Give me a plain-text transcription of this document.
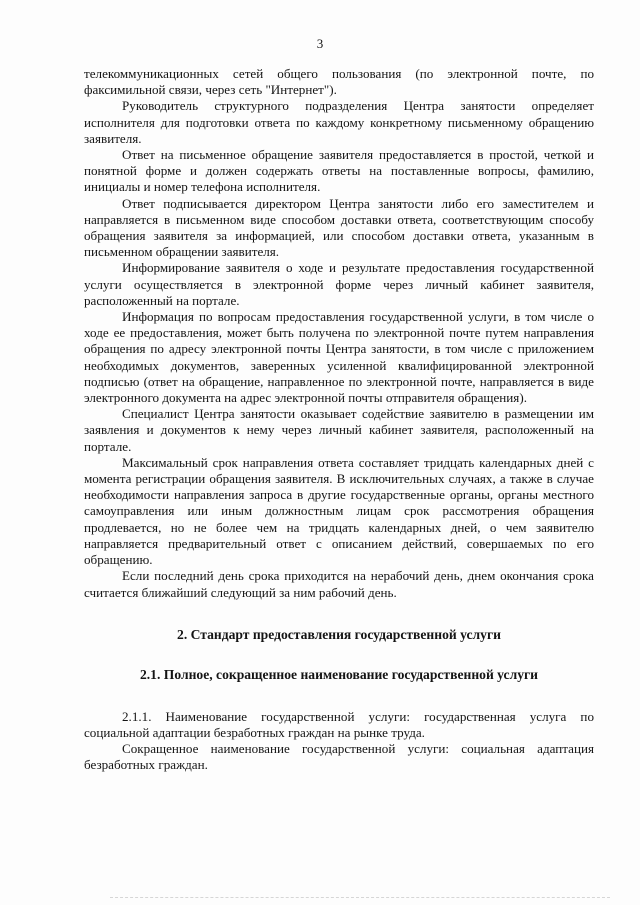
3

телекоммуникационных сетей общего пользования (по электронной почте, по факсимильной связи, через сеть "Интернет").

Руководитель структурного подразделения Центра занятости определяет исполнителя для подготовки ответа по каждому конкретному письменному обращению заявителя.

Ответ на письменное обращение заявителя предоставляется в простой, четкой и понятной форме и должен содержать ответы на поставленные вопросы, фамилию, инициалы и номер телефона исполнителя.

Ответ подписывается директором Центра занятости либо его заместителем и направляется в письменном виде способом доставки ответа, соответствующим способу обращения заявителя за информацией, или способом доставки ответа, указанным в письменном обращении заявителя.

Информирование заявителя о ходе и результате предоставления государственной услуги осуществляется в электронной форме через личный кабинет заявителя, расположенный на портале.

Информация по вопросам предоставления государственной услуги, в том числе о ходе ее предоставления, может быть получена по электронной почте путем направления обращения по адресу электронной почты Центра занятости, в том числе с приложением необходимых документов, заверенных усиленной квалифицированной электронной подписью (ответ на обращение, направленное по электронной почте, направляется в виде электронного документа на адрес электронной почты отправителя обращения).

Специалист Центра занятости оказывает содействие заявителю в размещении им заявления и документов к нему через личный кабинет заявителя, расположенный на портале.

Максимальный срок направления ответа составляет тридцать календарных дней с момента регистрации обращения заявителя. В исключительных случаях, а также в случае необходимости направления запроса в другие государственные органы, органы местного самоуправления или иным должностным лицам срок рассмотрения обращения продлевается, но не более чем на тридцать календарных дней, о чем заявителю направляется предварительный ответ с описанием действий, совершаемых по его обращению.

Если последний день срока приходится на нерабочий день, днем окончания срока считается ближайший следующий за ним рабочий день.

2. Стандарт предоставления государственной услуги
2.1. Полное, сокращенное наименование государственной услуги

2.1.1. Наименование государственной услуги: государственная услуга по социальной адаптации безработных граждан на рынке труда.

Сокращенное наименование государственной услуги: социальная адаптация безработных граждан.
